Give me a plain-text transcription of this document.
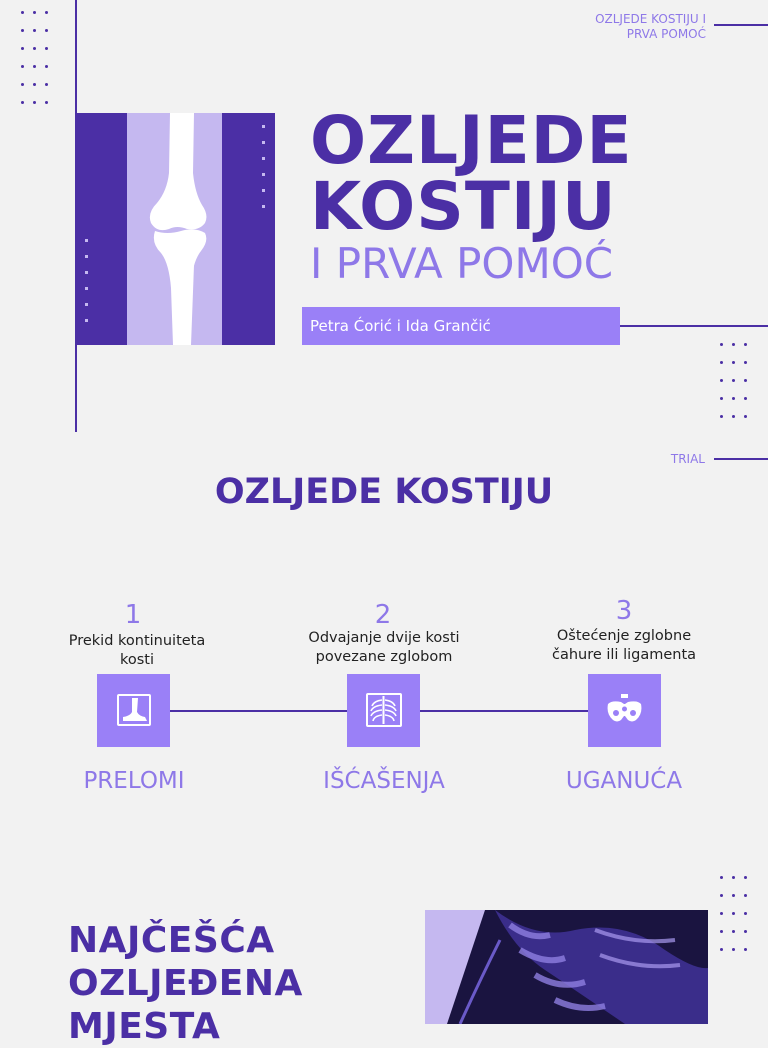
OZLJEDE KOSTIJU I PRVA POMOĆ
OZLJEDE
KOSTIJU
I PRVA POMOĆ
Petra Ćorić i Ida Grančić
TRIAL
OZLJEDE KOSTIJU
1
Prekid kontinuiteta kosti
PRELOMI
2
Odvajanje dvije kosti povezane zglobom
IŠĆAŠENJA
3
Oštećenje zglobne čahure ili ligamenta
UGANUĆA
NAJČEŠĆA
OZLJEĐENA
MJESTA
